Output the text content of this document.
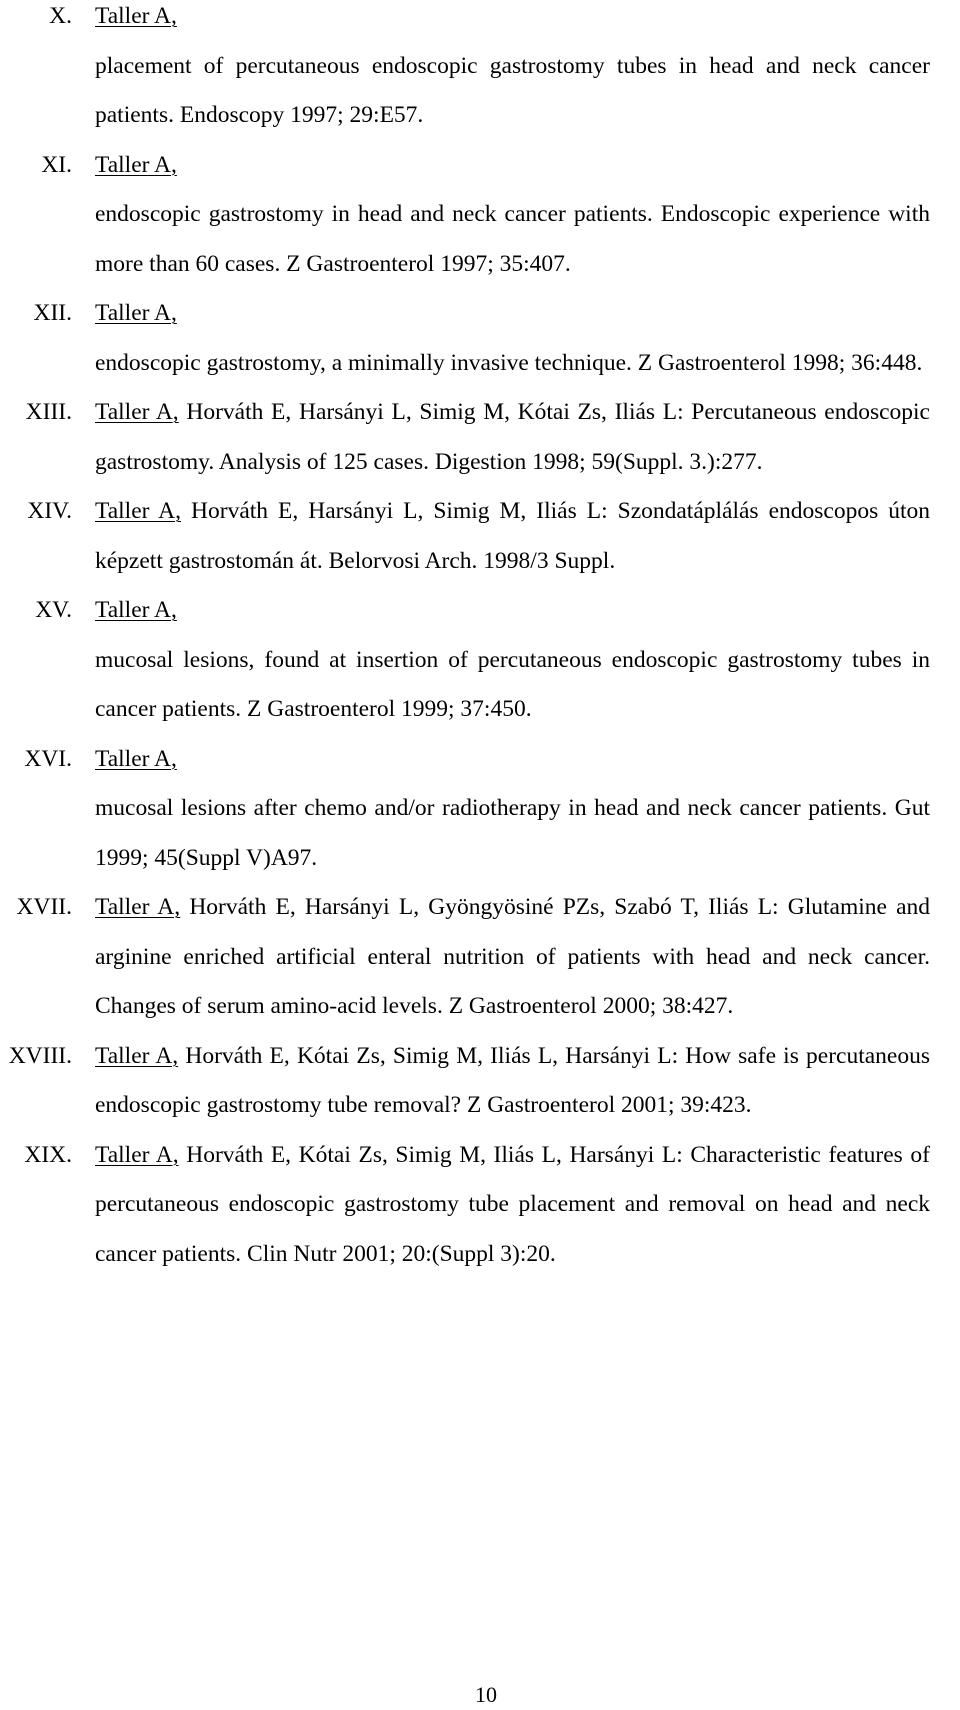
X. Taller A,
placement of percutaneous endoscopic gastrostomy tubes in head and neck cancer patients. Endoscopy 1997; 29:E57.
XI. Taller A,
endoscopic gastrostomy in head and neck cancer patients. Endoscopic experience with more than 60 cases. Z Gastroenterol 1997; 35:407.
XII. Taller A,
endoscopic gastrostomy, a minimally invasive technique. Z Gastroenterol 1998; 36:448.
XIII. Taller A, Horváth E, Harsányi L, Simig M, Kótai Zs, Iliás L: Percutaneous endoscopic gastrostomy. Analysis of 125 cases. Digestion 1998; 59(Suppl. 3.):277.
XIV. Taller A, Horváth E, Harsányi L, Simig M, Iliás L: Szondatáplálás endoscopos úton képzett gastrostomán át. Belorvosi Arch. 1998/3 Suppl.
XV. Taller A,
mucosal lesions, found at insertion of percutaneous endoscopic gastrostomy tubes in cancer patients. Z Gastroenterol 1999; 37:450.
XVI. Taller A,
mucosal lesions after chemo and/or radiotherapy in head and neck cancer patients. Gut 1999; 45(Suppl V)A97.
XVII. Taller A, Horváth E, Harsányi L, Gyöngyösiné PZs, Szabó T, Iliás L: Glutamine and arginine enriched artificial enteral nutrition of patients with head and neck cancer. Changes of serum amino-acid levels. Z Gastroenterol 2000; 38:427.
XVIII. Taller A, Horváth E, Kótai Zs, Simig M, Iliás L, Harsányi L: How safe is percutaneous endoscopic gastrostomy tube removal? Z Gastroenterol 2001; 39:423.
XIX. Taller A, Horváth E, Kótai Zs, Simig M, Iliás L, Harsányi L: Characteristic features of percutaneous endoscopic gastrostomy tube placement and removal on head and neck cancer patients. Clin Nutr 2001; 20:(Suppl 3):20.
10
